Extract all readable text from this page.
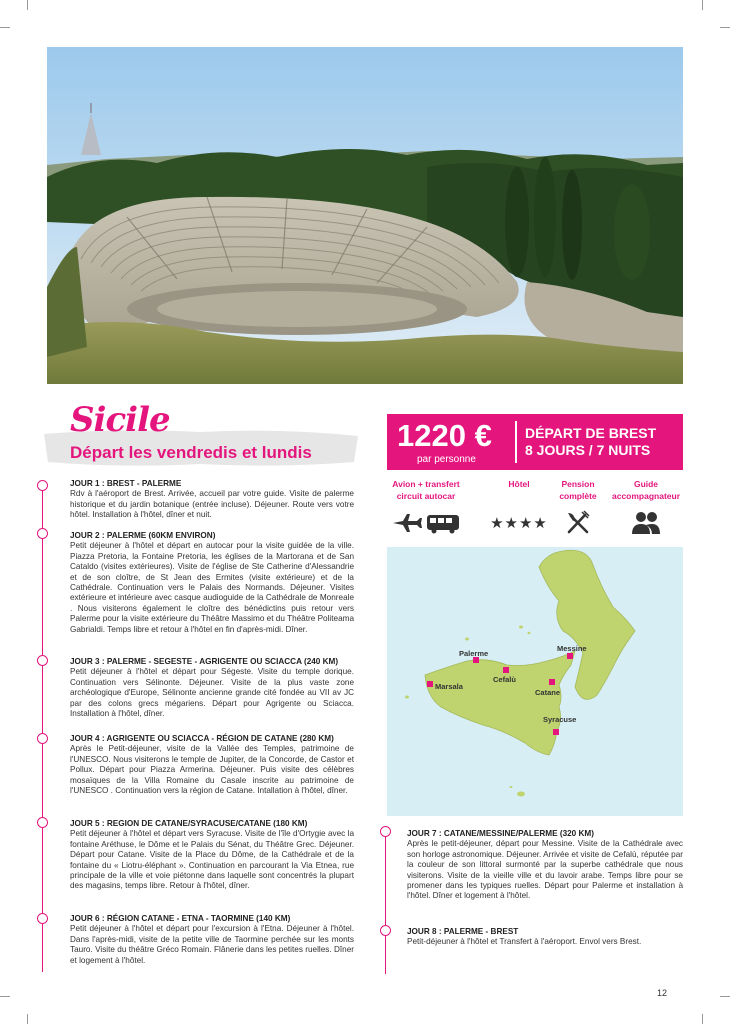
Sicile
Départ les vendredis et lundis	1220 €
par personne
DÉPART DE BREST
8 JOURS / 7 NUITS
Avion + transfert circuit autocar
Hôtel
★★★★
Pension complète
Guide accompagnateur
Palerme
Messine
Cefalù
Marsala
Catane
Syracuse
JOUR 1 : BREST - PALERME

Rdv à l'aéroport de Brest. Arrivée, accueil par votre guide. Visite de palerme historique et du jardin botanique (entrée incluse). Déjeuner. Route vers votre hôtel. Installation à l'hôtel, dîner et nuit.

JOUR 2 : PALERME (60KM ENVIRON)

Petit déjeuner à l'hôtel et départ en autocar pour la visite guidée de la ville. Piazza Pretoria, la Fontaine Pretoria, les églises de la Martorana et de San Cataldo (visites extérieures). Visite de l'église de Ste Catherine d'Alessandrie et de son cloître, de St Jean des Ermites (visite extérieure) et de la Cathédrale. Continuation vers le Palais des Normands. Déjeuner. Visites extérieure et intérieure avec casque audioguide de la Cathédrale de Monreale . Nous visiterons également le cloître des bénédictins puis retour vers Palerme pour la visite extérieure du Théâtre Massimo et du Théâtre Politeama Gabrialdi. Temps libre et retour à l'hôtel en fin d'après-midi. Dîner.

JOUR 3 : PALERME - SEGESTE - AGRIGENTE OU SCIACCA (240 KM)

Petit déjeuner à l'hôtel et départ pour Ségeste. Visite du temple dorique. Continuation vers Sélinonte. Déjeuner. Visite de la plus vaste zone archéologique d'Europe, Sélinonte ancienne grande cité fondée au VII av JC par des colons grecs mégariens. Départ pour Agrigente ou Sciacca. Installation à l'hôtel, dîner.

JOUR 4 : AGRIGENTE OU SCIACCA - RÉGION DE CATANE (280 KM)

Après le Petit-déjeuner, visite de la Vallée des Temples, patrimoine de l'UNESCO. Nous visiterons le temple de Jupiter, de la Concorde, de Castor et Pollux. Départ pour Piazza Armerina. Déjeuner. Puis visite des célèbres mosaïques de la Villa Romaine du Casale inscrite au patrimoine de l'UNESCO . Continuation vers la région de Catane. Intallation à l'hôtel, dîner.

JOUR 5 : REGION DE CATANE/SYRACUSE/CATANE (180 KM)

Petit déjeuner à l'hôtel et départ vers Syracuse. Visite de l'île d'Ortygie avec la fontaine Aréthuse, le Dôme et le Palais du Sénat, du Théâtre Grec. Déjeuner. Départ pour Catane. Visite de la Place du Dôme, de la Cathédrale et de la fontaine du « Liotru-éléphant ». Continuation en parcourant la Via Etnea, rue principale de la ville et voie piétonne dans laquelle sont concentrés la plupart des magasins, temps libre. Retour à l'hôtel, dîner.

JOUR 6 : RÉGION CATANE - ETNA - TAORMINE (140 KM)

Petit déjeuner à l'hôtel et départ pour l'excursion à l'Etna. Déjeuner à l'hôtel. Dans l'après-midi, visite de la petite ville de Taormine perchée sur les monts Tauro. Visite du théâtre Gréco Romain. Flânerie dans les petites ruelles. Dîner et logement à l'hôtel.

JOUR 7 : CATANE/MESSINE/PALERME (320 KM)

Après le petit-déjeuner, départ pour Messine. Visite de la Cathédrale avec son horloge astronomique. Déjeuner. Arrivée et visite de Cefalù, réputée par la couleur de son littoral surmonté par la superbe cathédrale que nous visiterons. Visite de la vieille ville et du lavoir arabe. Temps libre pour se promener dans les typiques ruelles. Départ pour Palerme et installation à l'hôtel. Dîner et logement à l'hôtel.

JOUR 8 : PALERME - BREST

Petit-déjeuner à l'hôtel et Transfert à l'aéroport. Envol vers Brest.

12
